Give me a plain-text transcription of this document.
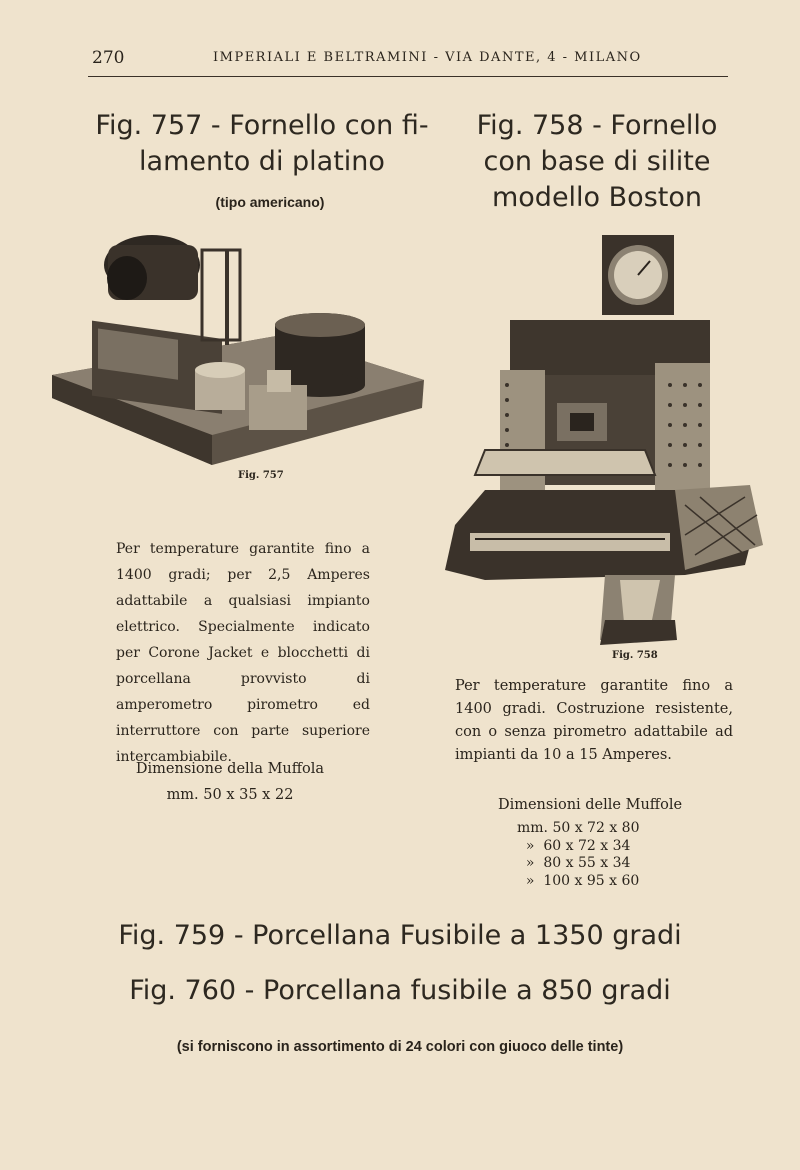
270	IMPERIALI E BELTRAMINI - VIA DANTE, 4 - MILANO
Fig. 757 - Fornello con fi- lamento di platino
(tipo americano)
Fig. 758 - Fornello con base di silite modello Boston
Fig. 757
Fig. 758
Per temperature garantite fino a 1400 gradi; per 2,5 Amperes adattabile a qualsiasi impianto elettrico. Specialmente indicato per Corone Jacket e blocchetti di porcellana provvisto di amperometro pirometro ed interruttore con parte superiore intercambiabile.
Dimensione della Muffola
mm. 50 x 35 x 22
Per temperature garantite fino a 1400 gradi. Costruzione resistente, con o senza pirometro adattabile ad impianti da 10 a 15 Amperes.
Dimensioni delle Muffole
mm. 50 x 72 x 80
»  60 x 72 x 34
»  80 x 55 x 34
»  100 x 95 x 60
Fig. 759 - Porcellana Fusibile a 1350 gradi
Fig. 760 - Porcellana fusibile a 850 gradi
(si forniscono in assortimento di 24 colori con giuoco delle tinte)
